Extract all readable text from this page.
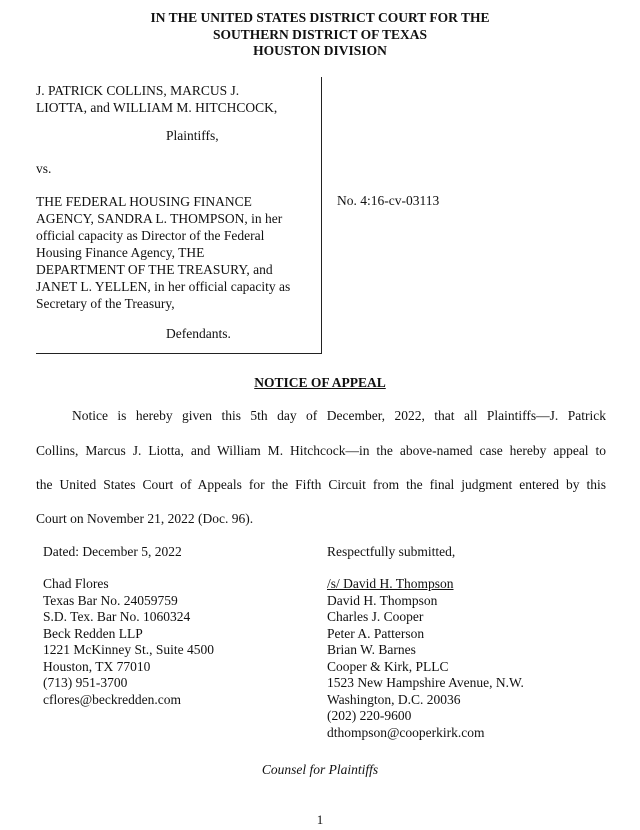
IN THE UNITED STATES DISTRICT COURT FOR THE
SOUTHERN DISTRICT OF TEXAS
HOUSTON DIVISION

J. PATRICK COLLINS, MARCUS J.

LIOTTA, and WILLIAM M. HITCHCOCK,

Plaintiffs,
vs.
THE FEDERAL HOUSING FINANCE
AGENCY, SANDRA L. THOMPSON, in her
official capacity as Director of the Federal
Housing Finance Agency, THE
DEPARTMENT OF THE TREASURY, and
JANET L. YELLEN, in her official capacity as
Secretary of the Treasury,
Defendants.
No. 4:16-cv-03113
NOTICE OF APPEAL
Notice is hereby given this 5th day of December, 2022, that all Plaintiffs—J. Patrick
Collins, Marcus J. Liotta, and William M. Hitchcock—in the above-named case hereby appeal to
the United States Court of Appeals for the Fifth Circuit from the final judgment entered by this
Court on November 21, 2022 (Doc. 96).
Dated: December 5, 2022	Respectfully submitted,
Chad Flores
Texas Bar No. 24059759
S.D. Tex. Bar No. 1060324
Beck Redden LLP
1221 McKinney St., Suite 4500
Houston, TX 77010
(713) 951-3700
cflores@beckredden.com
/s/ David H. Thompson
David H. Thompson
Charles J. Cooper
Peter A. Patterson
Brian W. Barnes
Cooper & Kirk, PLLC
1523 New Hampshire Avenue, N.W.
Washington, D.C. 20036
(202) 220-9600
dthompson@cooperkirk.com
Counsel for Plaintiffs
1
